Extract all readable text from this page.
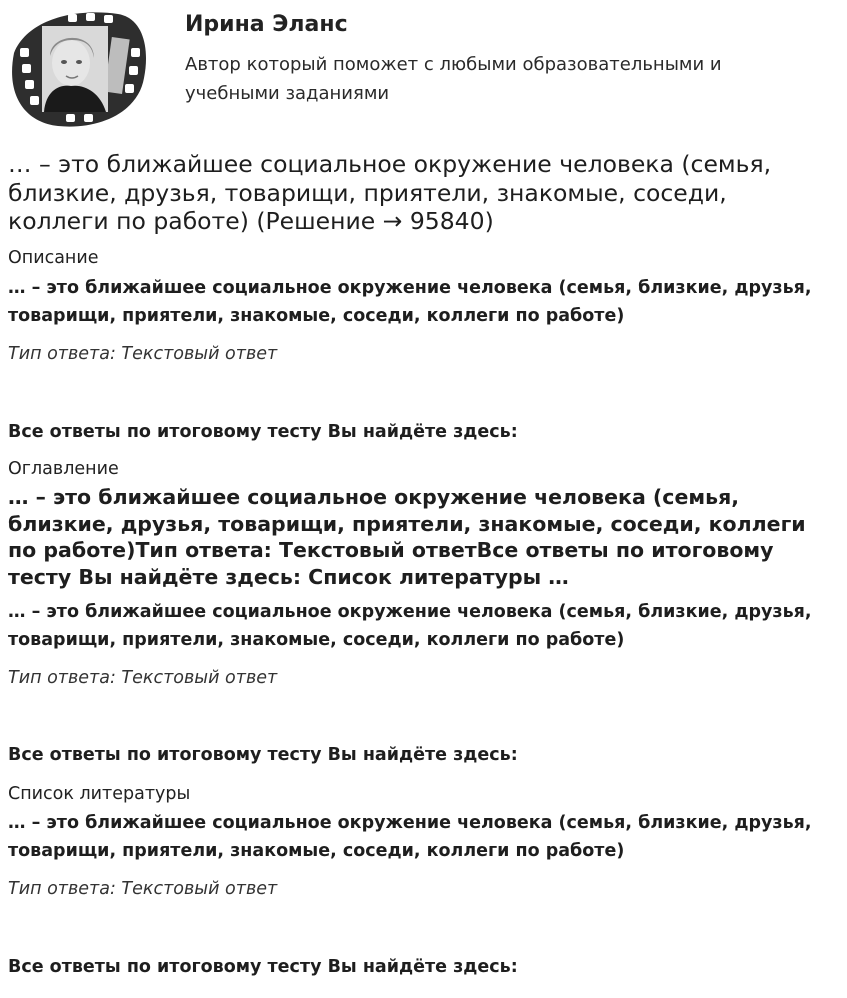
Ирина Эланс

Автор который поможет с любыми образовательными и учебными заданиями

… – это ближайшее социальное окружение человека (семья, близкие, друзья, товарищи, приятели, знакомые, соседи, коллеги по работе) (Решение → 95840)

Описание

… – это ближайшее социальное окружение человека (семья, близкие, друзья, товарищи, приятели, знакомые, соседи, коллеги по работе)

Тип ответа: Текстовый ответ

Все ответы по итоговому тесту Вы найдёте здесь:

Оглавление

… – это ближайшее социальное окружение человека (семья, близкие, друзья, товарищи, приятели, знакомые, соседи, коллеги по работе)Тип ответа: Текстовый ответВсе ответы по итоговому тесту Вы найдёте здесь: Список литературы …

… – это ближайшее социальное окружение человека (семья, близкие, друзья, товарищи, приятели, знакомые, соседи, коллеги по работе)

Тип ответа: Текстовый ответ

Все ответы по итоговому тесту Вы найдёте здесь:

Список литературы

… – это ближайшее социальное окружение человека (семья, близкие, друзья, товарищи, приятели, знакомые, соседи, коллеги по работе)

Тип ответа: Текстовый ответ

Все ответы по итоговому тесту Вы найдёте здесь:
